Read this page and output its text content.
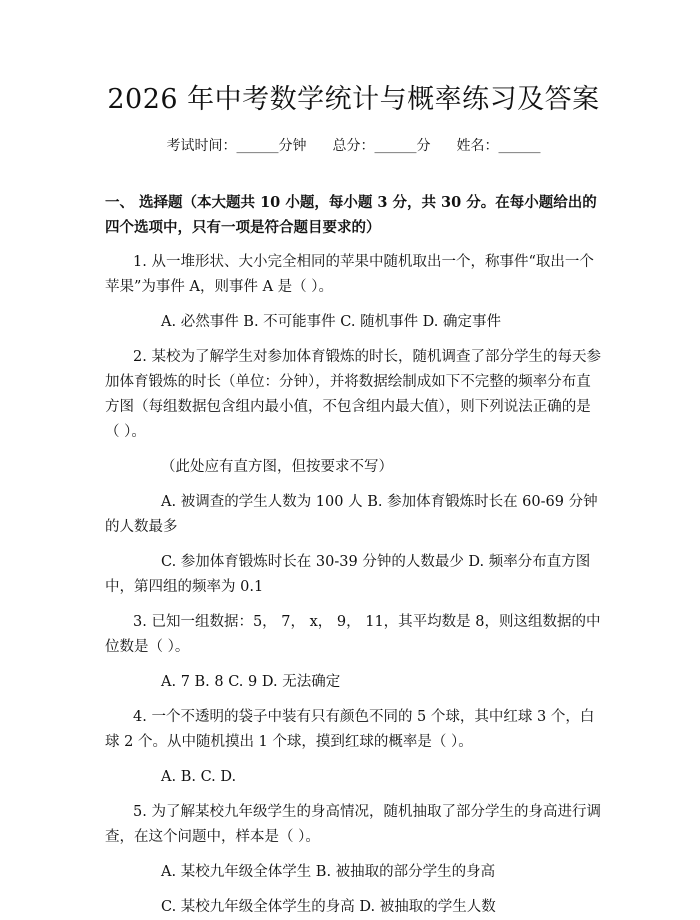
2026 年中考数学统计与概率练习及答案
考试时间：______分钟 总分：______分 姓名：______
一、 选择题（本大题共 10 小题，每小题 3 分，共 30 分。在每小题给出的四个选项中，只有一项是符合题目要求的）
1. 从一堆形状、大小完全相同的苹果中随机取出一个，称事件“取出一个苹果”为事件 A，则事件 A 是（ ）。
A. 必然事件 B. 不可能事件 C. 随机事件 D. 确定事件
2. 某校为了解学生对参加体育锻炼的时长，随机调查了部分学生的每天参加体育锻炼的时长（单位：分钟），并将数据绘制成如下不完整的频率分布直方图（每组数据包含组内最小值，不包含组内最大值），则下列说法正确的是（ ）。
（此处应有直方图，但按要求不写）
A. 被调查的学生人数为 100 人 B. 参加体育锻炼时长在 60-69 分钟的人数最多
C. 参加体育锻炼时长在 30-39 分钟的人数最少 D. 频率分布直方图中，第四组的频率为 0.1
3. 已知一组数据：5， 7， x， 9， 11，其平均数是 8，则这组数据的中位数是（ ）。
A. 7 B. 8 C. 9 D. 无法确定
4. 一个不透明的袋子中装有只有颜色不同的 5 个球，其中红球 3 个，白球 2 个。从中随机摸出 1 个球，摸到红球的概率是（ ）。
A. B. C. D.
5. 为了解某校九年级学生的身高情况，随机抽取了部分学生的身高进行调查，在这个问题中，样本是（ ）。
A. 某校九年级全体学生 B. 被抽取的部分学生的身高
C. 某校九年级全体学生的身高 D. 被抽取的学生人数
